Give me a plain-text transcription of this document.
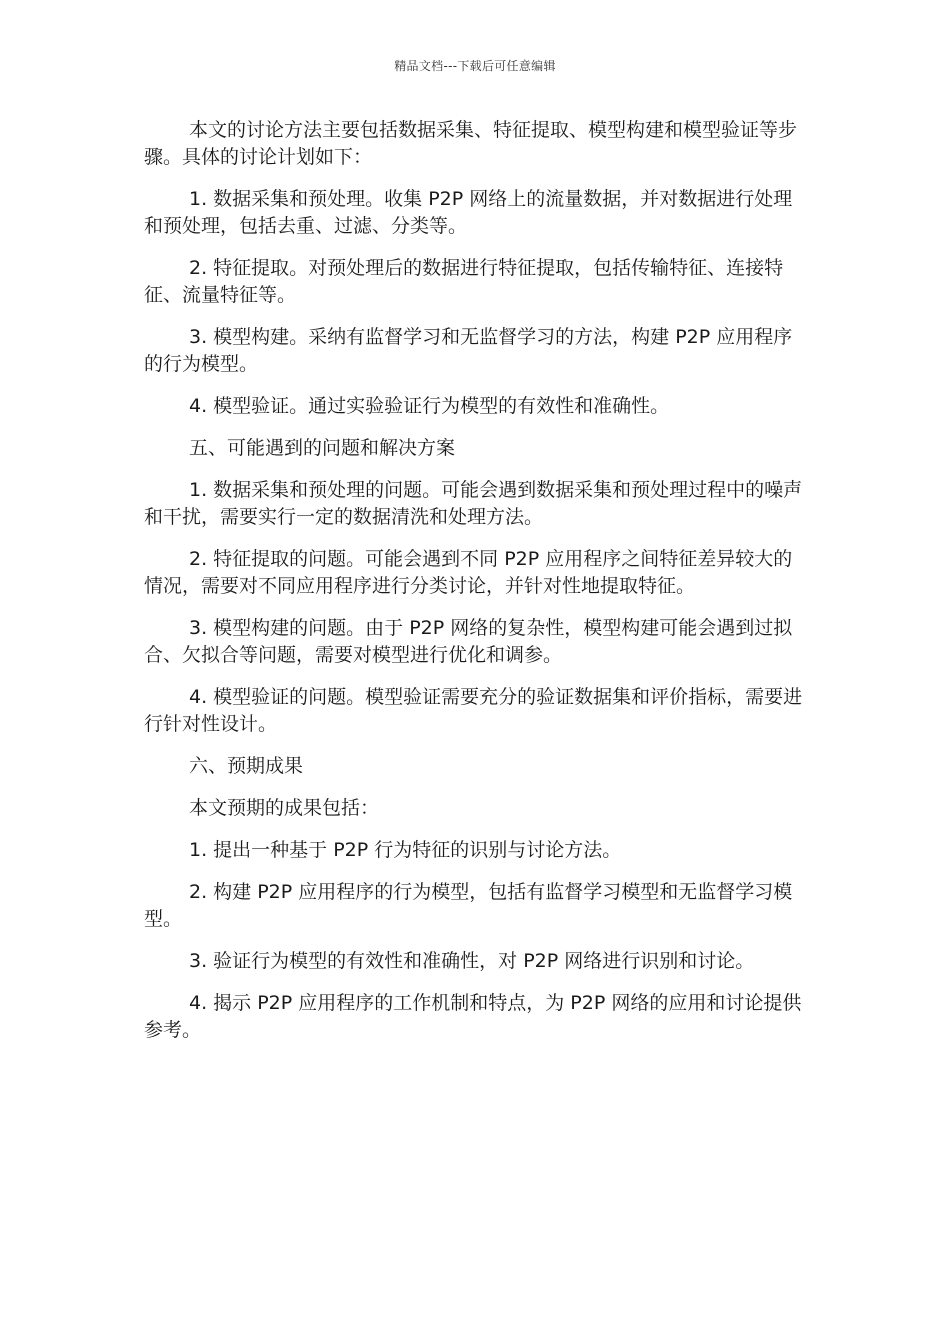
精品文档---下载后可任意编辑

本文的讨论方法主要包括数据采集、特征提取、模型构建和模型验证等步骤。具体的讨论计划如下：

1. 数据采集和预处理。收集 P2P 网络上的流量数据，并对数据进行处理和预处理，包括去重、过滤、分类等。

2. 特征提取。对预处理后的数据进行特征提取，包括传输特征、连接特征、流量特征等。

3. 模型构建。采纳有监督学习和无监督学习的方法，构建 P2P 应用程序的行为模型。

4. 模型验证。通过实验验证行为模型的有效性和准确性。

五、可能遇到的问题和解决方案

1. 数据采集和预处理的问题。可能会遇到数据采集和预处理过程中的噪声和干扰，需要实行一定的数据清洗和处理方法。

2. 特征提取的问题。可能会遇到不同 P2P 应用程序之间特征差异较大的情况，需要对不同应用程序进行分类讨论，并针对性地提取特征。

3. 模型构建的问题。由于 P2P 网络的复杂性，模型构建可能会遇到过拟合、欠拟合等问题，需要对模型进行优化和调参。

4. 模型验证的问题。模型验证需要充分的验证数据集和评价指标，需要进行针对性设计。

六、预期成果

本文预期的成果包括：

1. 提出一种基于 P2P 行为特征的识别与讨论方法。

2. 构建 P2P 应用程序的行为模型，包括有监督学习模型和无监督学习模型。

3. 验证行为模型的有效性和准确性，对 P2P 网络进行识别和讨论。

4. 揭示 P2P 应用程序的工作机制和特点，为 P2P 网络的应用和讨论提供参考。
